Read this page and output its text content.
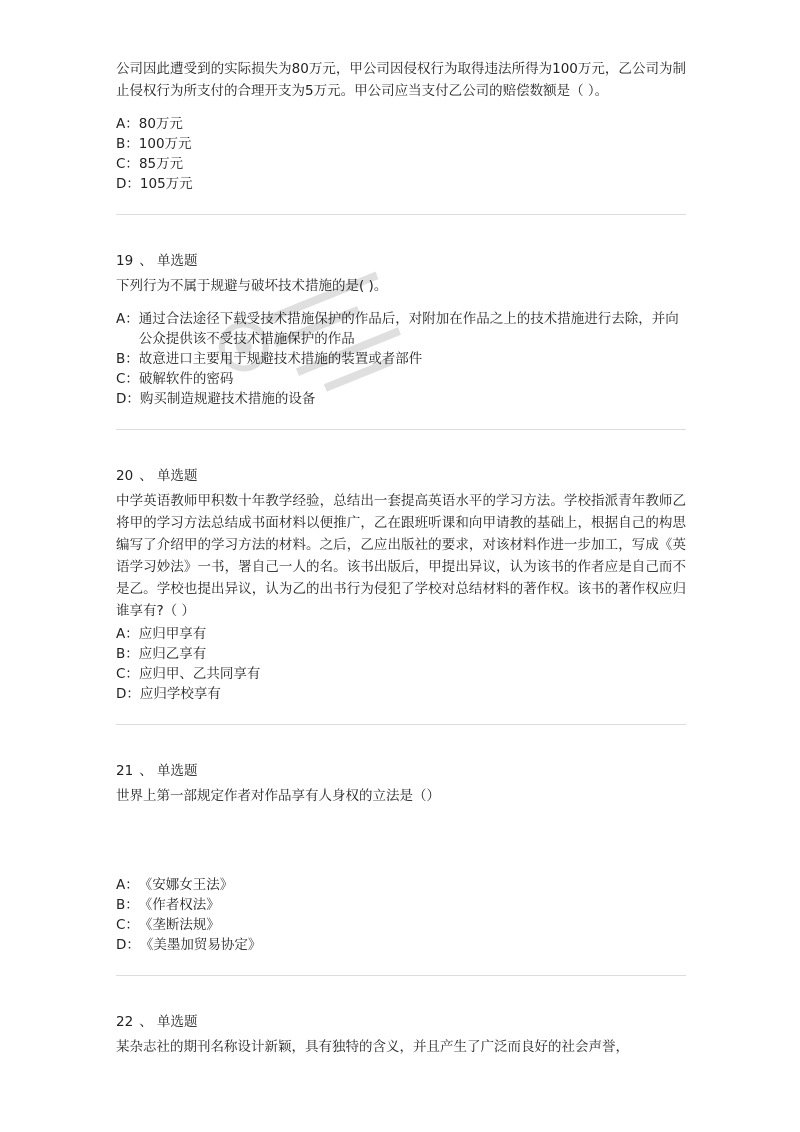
公司因此遭受到的实际损失为80万元，甲公司因侵权行为取得违法所得为100万元，乙公司为制止侵权行为所支付的合理开支为5万元。甲公司应当支付乙公司的赔偿数额是（ ）。

A： 80万元

B： 100万元

C： 85万元

D： 105万元

19 、 单选题

下列行为不属于规避与破坏技术措施的是( )。

A： 通过合法途径下载受技术措施保护的作品后，对附加在作品之上的技术措施进行去除，并向公众提供该不受技术措施保护的作品

B： 故意进口主要用于规避技术措施的装置或者部件

C： 破解软件的密码

D： 购买制造规避技术措施的设备

20 、 单选题

中学英语教师甲积数十年教学经验，总结出一套提高英语水平的学习方法。学校指派青年教师乙将甲的学习方法总结成书面材料以便推广，乙在跟班听课和向甲请教的基础上，根据自己的构思编写了介绍甲的学习方法的材料。之后，乙应出版社的要求，对该材料作进一步加工，写成《英语学习妙法》一书，署自己一人的名。该书出版后，甲提出异议，认为该书的作者应是自己而不是乙。学校也提出异议，认为乙的出书行为侵犯了学校对总结材料的著作权。该书的著作权应归谁享有?（ ）

A： 应归甲享有

B： 应归乙享有

C： 应归甲、乙共同享有

D： 应归学校享有

21 、 单选题

世界上第一部规定作者对作品享有人身权的立法是（）

A： 《安娜女王法》

B： 《作者权法》

C： 《垄断法规》

D： 《美墨加贸易协定》

22 、 单选题

某杂志社的期刊名称设计新颖，具有独特的含义，并且产生了广泛而良好的社会声誉，
